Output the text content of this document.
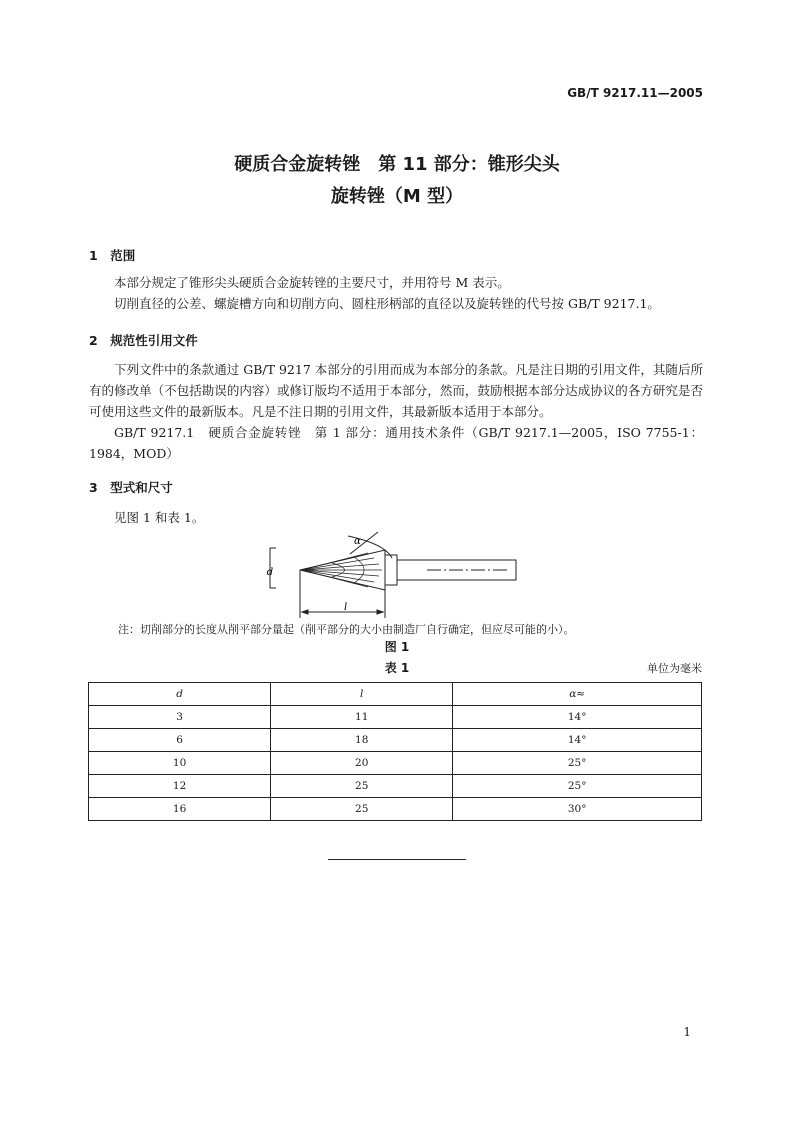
GB/T 9217.11—2005
硬质合金旋转锉　第 11 部分：锥形尖头
旋转锉（M 型）
1　范围

本部分规定了锥形尖头硬质合金旋转锉的主要尺寸，并用符号 M 表示。

切削直径的公差、螺旋槽方向和切削方向、圆柱形柄部的直径以及旋转锉的代号按 GB/T 9217.1。

2　规范性引用文件

下列文件中的条款通过 GB/T 9217 本部分的引用而成为本部分的条款。凡是注日期的引用文件，其随后所有的修改单（不包括勘误的内容）或修订版均不适用于本部分，然而，鼓励根据本部分达成协议的各方研究是否可使用这些文件的最新版本。凡是不注日期的引用文件，其最新版本适用于本部分。

GB/T 9217.1　硬质合金旋转锉　第 1 部分：通用技术条件（GB/T 9217.1—2005，ISO 7755-1：1984，MOD）

3　型式和尺寸

见图 1 和表 1。

d
α
l
注：切削部分的长度从削平部分量起（削平部分的大小由制造厂自行确定，但应尽可能的小）。
图 1
表 1	单位为毫米
d	l	α≈
3	11	14°
6	18	14°
10	20	25°
12	25	25°
16	25	30°
1
